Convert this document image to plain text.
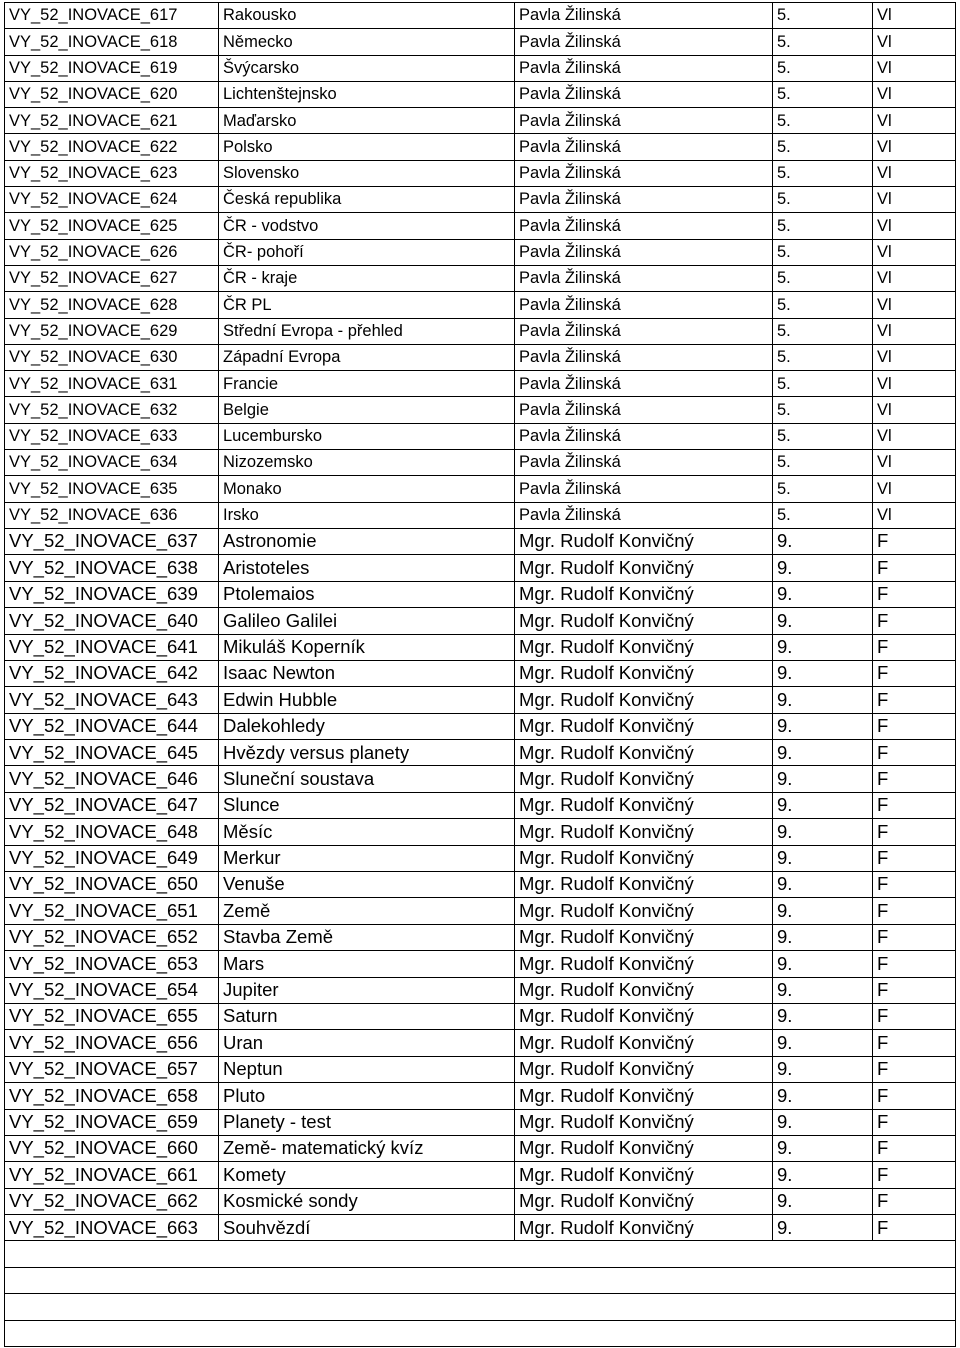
VY_52_INOVACE_617	Rakousko	Pavla Žilinská	5.	Vl
VY_52_INOVACE_618	Německo	Pavla Žilinská	5.	Vl
VY_52_INOVACE_619	Švýcarsko	Pavla Žilinská	5.	Vl
VY_52_INOVACE_620	Lichtenštejnsko	Pavla Žilinská	5.	Vl
VY_52_INOVACE_621	Maďarsko	Pavla Žilinská	5.	Vl
VY_52_INOVACE_622	Polsko	Pavla Žilinská	5.	Vl
VY_52_INOVACE_623	Slovensko	Pavla Žilinská	5.	Vl
VY_52_INOVACE_624	Česká republika	Pavla Žilinská	5.	Vl
VY_52_INOVACE_625	ČR - vodstvo	Pavla Žilinská	5.	Vl
VY_52_INOVACE_626	ČR- pohoří	Pavla Žilinská	5.	Vl
VY_52_INOVACE_627	ČR - kraje	Pavla Žilinská	5.	Vl
VY_52_INOVACE_628	ČR PL	Pavla Žilinská	5.	Vl
VY_52_INOVACE_629	Střední Evropa - přehled	Pavla Žilinská	5.	Vl
VY_52_INOVACE_630	Západní Evropa	Pavla Žilinská	5.	Vl
VY_52_INOVACE_631	Francie	Pavla Žilinská	5.	Vl
VY_52_INOVACE_632	Belgie	Pavla Žilinská	5.	Vl
VY_52_INOVACE_633	Lucembursko	Pavla Žilinská	5.	Vl
VY_52_INOVACE_634	Nizozemsko	Pavla Žilinská	5.	Vl
VY_52_INOVACE_635	Monako	Pavla Žilinská	5.	Vl
VY_52_INOVACE_636	Irsko	Pavla Žilinská	5.	Vl
VY_52_INOVACE_637	Astronomie	Mgr. Rudolf Konvičný	9.	F
VY_52_INOVACE_638	Aristoteles	Mgr. Rudolf Konvičný	9.	F
VY_52_INOVACE_639	Ptolemaios	Mgr. Rudolf Konvičný	9.	F
VY_52_INOVACE_640	Galileo Galilei	Mgr. Rudolf Konvičný	9.	F
VY_52_INOVACE_641	Mikuláš Koperník	Mgr. Rudolf Konvičný	9.	F
VY_52_INOVACE_642	Isaac Newton	Mgr. Rudolf Konvičný	9.	F
VY_52_INOVACE_643	Edwin Hubble	Mgr. Rudolf Konvičný	9.	F
VY_52_INOVACE_644	Dalekohledy	Mgr. Rudolf Konvičný	9.	F
VY_52_INOVACE_645	Hvězdy versus planety	Mgr. Rudolf Konvičný	9.	F
VY_52_INOVACE_646	Sluneční soustava	Mgr. Rudolf Konvičný	9.	F
VY_52_INOVACE_647	Slunce	Mgr. Rudolf Konvičný	9.	F
VY_52_INOVACE_648	Měsíc	Mgr. Rudolf Konvičný	9.	F
VY_52_INOVACE_649	Merkur	Mgr. Rudolf Konvičný	9.	F
VY_52_INOVACE_650	Venuše	Mgr. Rudolf Konvičný	9.	F
VY_52_INOVACE_651	Země	Mgr. Rudolf Konvičný	9.	F
VY_52_INOVACE_652	Stavba Země	Mgr. Rudolf Konvičný	9.	F
VY_52_INOVACE_653	Mars	Mgr. Rudolf Konvičný	9.	F
VY_52_INOVACE_654	Jupiter	Mgr. Rudolf Konvičný	9.	F
VY_52_INOVACE_655	Saturn	Mgr. Rudolf Konvičný	9.	F
VY_52_INOVACE_656	Uran	Mgr. Rudolf Konvičný	9.	F
VY_52_INOVACE_657	Neptun	Mgr. Rudolf Konvičný	9.	F
VY_52_INOVACE_658	Pluto	Mgr. Rudolf Konvičný	9.	F
VY_52_INOVACE_659	Planety - test	Mgr. Rudolf Konvičný	9.	F
VY_52_INOVACE_660	Země- matematický kvíz	Mgr. Rudolf Konvičný	9.	F
VY_52_INOVACE_661	Komety	Mgr. Rudolf Konvičný	9.	F
VY_52_INOVACE_662	Kosmické sondy	Mgr. Rudolf Konvičný	9.	F
VY_52_INOVACE_663	Souhvězdí	Mgr. Rudolf Konvičný	9.	F
